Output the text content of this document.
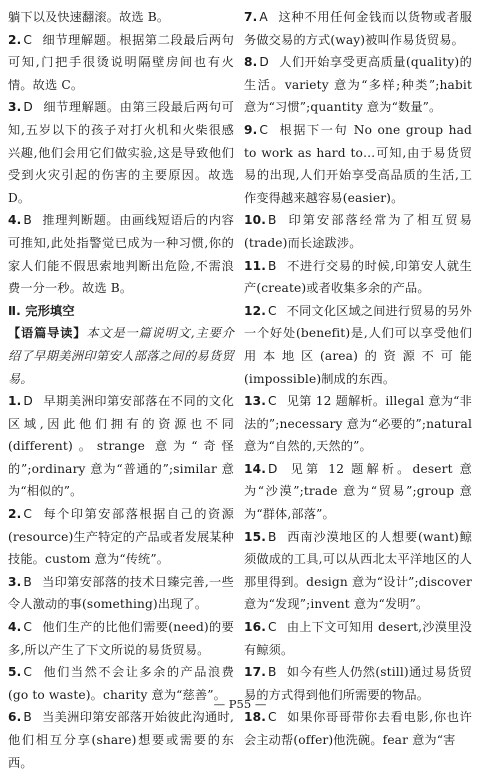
躺下以及快速翻滚。故选 B。

2. C 细节理解题。根据第二段最后两句可知,门把手很烫说明隔壁房间也有火情。故选 C。

3. D 细节理解题。由第三段最后两句可知,五岁以下的孩子对打火机和火柴很感兴趣,他们会用它们做实验,这是导致他们受到火灾引起的伤害的主要原因。故选 D。

4. B 推理判断题。由画线短语后的内容可推知,此处指警觉已成为一种习惯,你的家人们能不假思索地判断出危险,不需浪费一分一秒。故选 B。

Ⅱ. 完形填空

【语篇导读】本文是一篇说明文,主要介绍了早期美洲印第安人部落之间的易货贸易。

1. D 早期美洲印第安部落在不同的文化区域,因此他们拥有的资源也不同(different)。strange 意为“奇怪的”;ordinary 意为“普通的”;similar 意为“相似的”。

2. C 每个印第安部落根据自己的资源(resource)生产特定的产品或者发展某种技能。custom 意为“传统”。

3. B 当印第安部落的技术日臻完善,一些令人激动的事(something)出现了。

4. C 他们生产的比他们需要(need)的要多,所以产生了下文所说的易货贸易。

5. C 他们当然不会让多余的产品浪费(go to waste)。charity 意为“慈善”。

6. B 当美洲印第安部落开始彼此沟通时,他们相互分享(share)想要或需要的东西。

7. A 这种不用任何金钱而以货物或者服务做交易的方式(way)被叫作易货贸易。

8. D 人们开始享受更高质量(quality)的生活。variety 意为“多样;种类”;habit 意为“习惯”;quantity 意为“数量”。

9. C 根据下一句 No one group had to work as hard to…可知,由于易货贸易的出现,人们开始享受高品质的生活,工作变得越来越容易(easier)。

10. B 印第安部落经常为了相互贸易(trade)而长途跋涉。

11. B 不进行交易的时候,印第安人就生产(create)或者收集多余的产品。

12. C 不同文化区域之间进行贸易的另外一个好处(benefit)是,人们可以享受他们用本地区(area)的资源不可能(impossible)制成的东西。

13. C 见第 12 题解析。illegal 意为“非法的”;necessary 意为“必要的”;natural 意为“自然的,天然的”。

14. D 见第 12 题解析。desert 意为“沙漠”;trade 意为“贸易”;group 意为“群体,部落”。

15. B 西南沙漠地区的人想要(want)鲸须做成的工具,可以从西北太平洋地区的人那里得到。design 意为“设计”;discover 意为“发现”;invent 意为“发明”。

16. C 由上下文可知用 desert,沙漠里没有鲸须。

17. B 如今有些人仍然(still)通过易货贸易的方式得到他们所需要的物品。

18. C 如果你哥哥带你去看电影,你也许会主动帮(offer)他洗碗。fear 意为“害

— P55 —
